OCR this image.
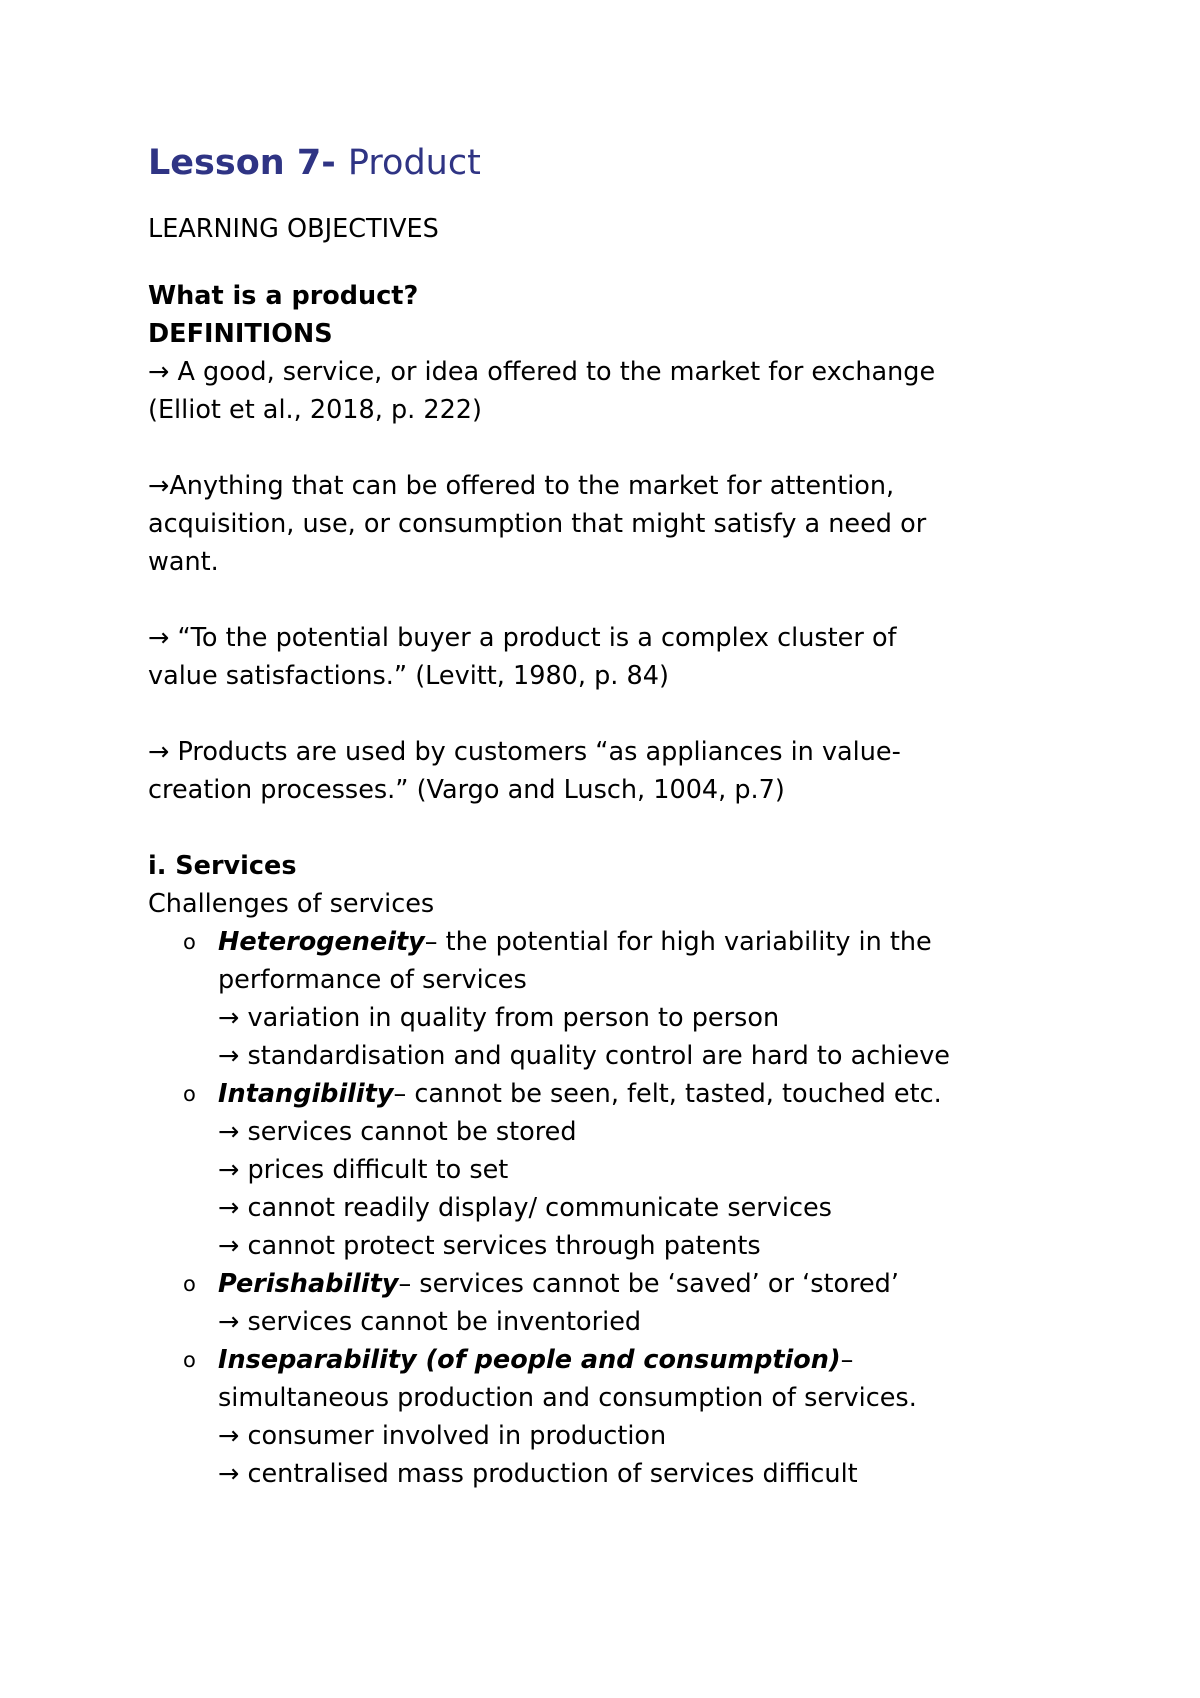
Lesson 7- Product

LEARNING OBJECTIVES

What is a product?

DEFINITIONS

→ A good, service, or idea offered to the market for exchange

(Elliot et al., 2018, p. 222)

→Anything that can be offered to the market for attention,

acquisition, use, or consumption that might satisfy a need or

want.

→ “To the potential buyer a product is a complex cluster of

value satisfactions.” (Levitt, 1980, p. 84)

→ Products are used by customers “as appliances in value-

creation processes.” (Vargo and Lusch, 1004, p.7)

i. Services

Challenges of services

o Heterogeneity– the potential for high variability in the

performance of services

→ variation in quality from person to person

→ standardisation and quality control are hard to achieve

o Intangibility– cannot be seen, felt, tasted, touched etc.

→ services cannot be stored

→ prices difficult to set

→ cannot readily display/ communicate services

→ cannot protect services through patents

o Perishability– services cannot be ‘saved’ or ‘stored’

→ services cannot be inventoried

o Inseparability (of people and consumption)–

simultaneous production and consumption of services.

→ consumer involved in production

→ centralised mass production of services difficult
